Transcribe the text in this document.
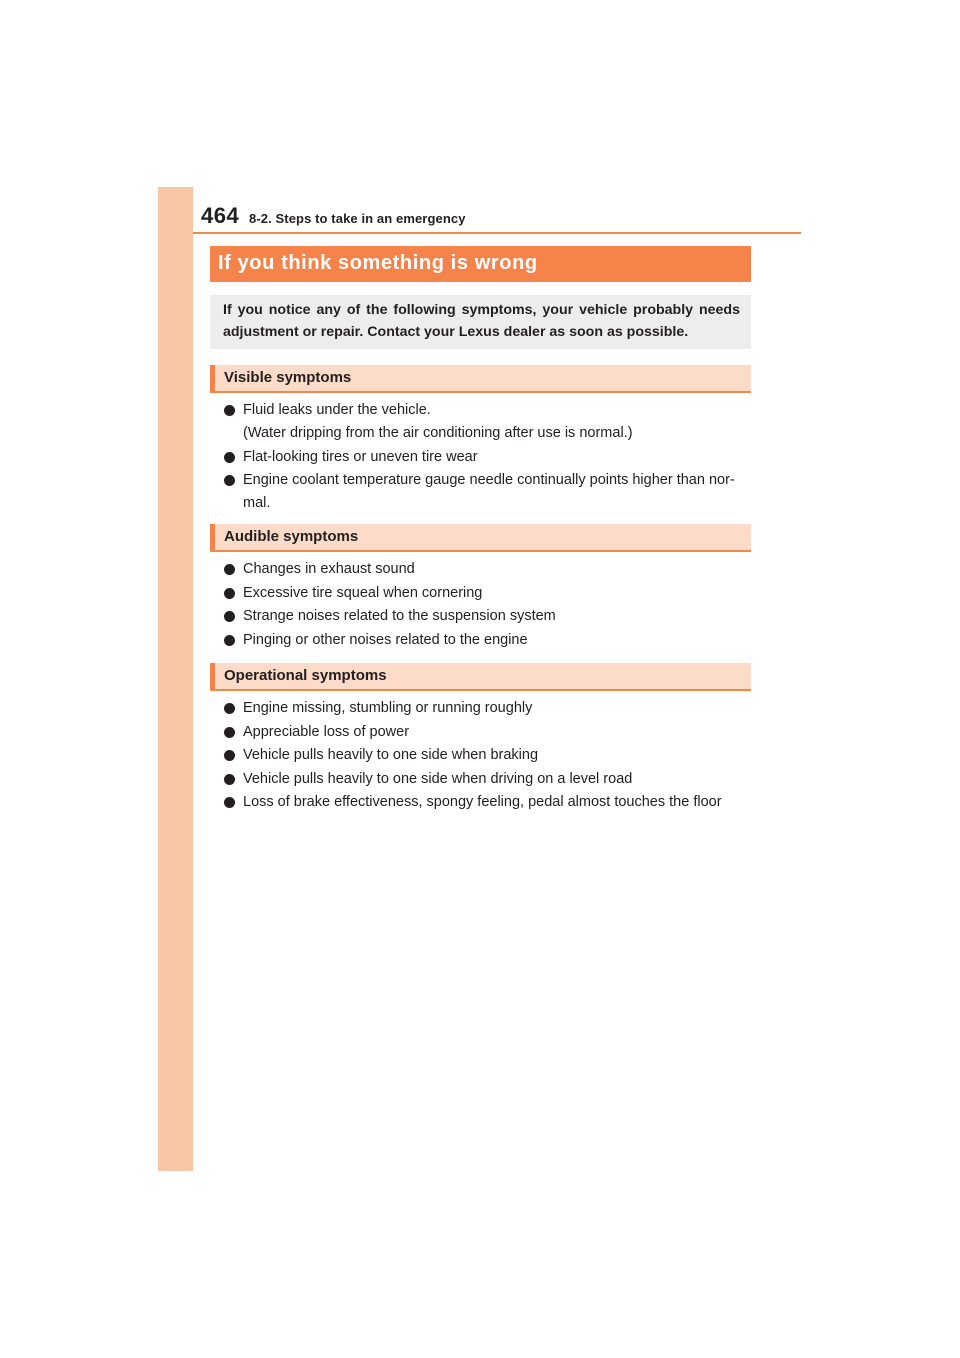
464 8-2. Steps to take in an emergency
If you think something is wrong
If you notice any of the following symptoms, your vehicle probably needs adjustment or repair. Contact your Lexus dealer as soon as possible.
Visible symptoms
Fluid leaks under the vehicle.
(Water dripping from the air conditioning after use is normal.)
Flat-looking tires or uneven tire wear
Engine coolant temperature gauge needle continually points higher than nor-
mal.
Audible symptoms
Changes in exhaust sound
Excessive tire squeal when cornering
Strange noises related to the suspension system
Pinging or other noises related to the engine
Operational symptoms
Engine missing, stumbling or running roughly
Appreciable loss of power
Vehicle pulls heavily to one side when braking
Vehicle pulls heavily to one side when driving on a level road
Loss of brake effectiveness, spongy feeling, pedal almost touches the floor
